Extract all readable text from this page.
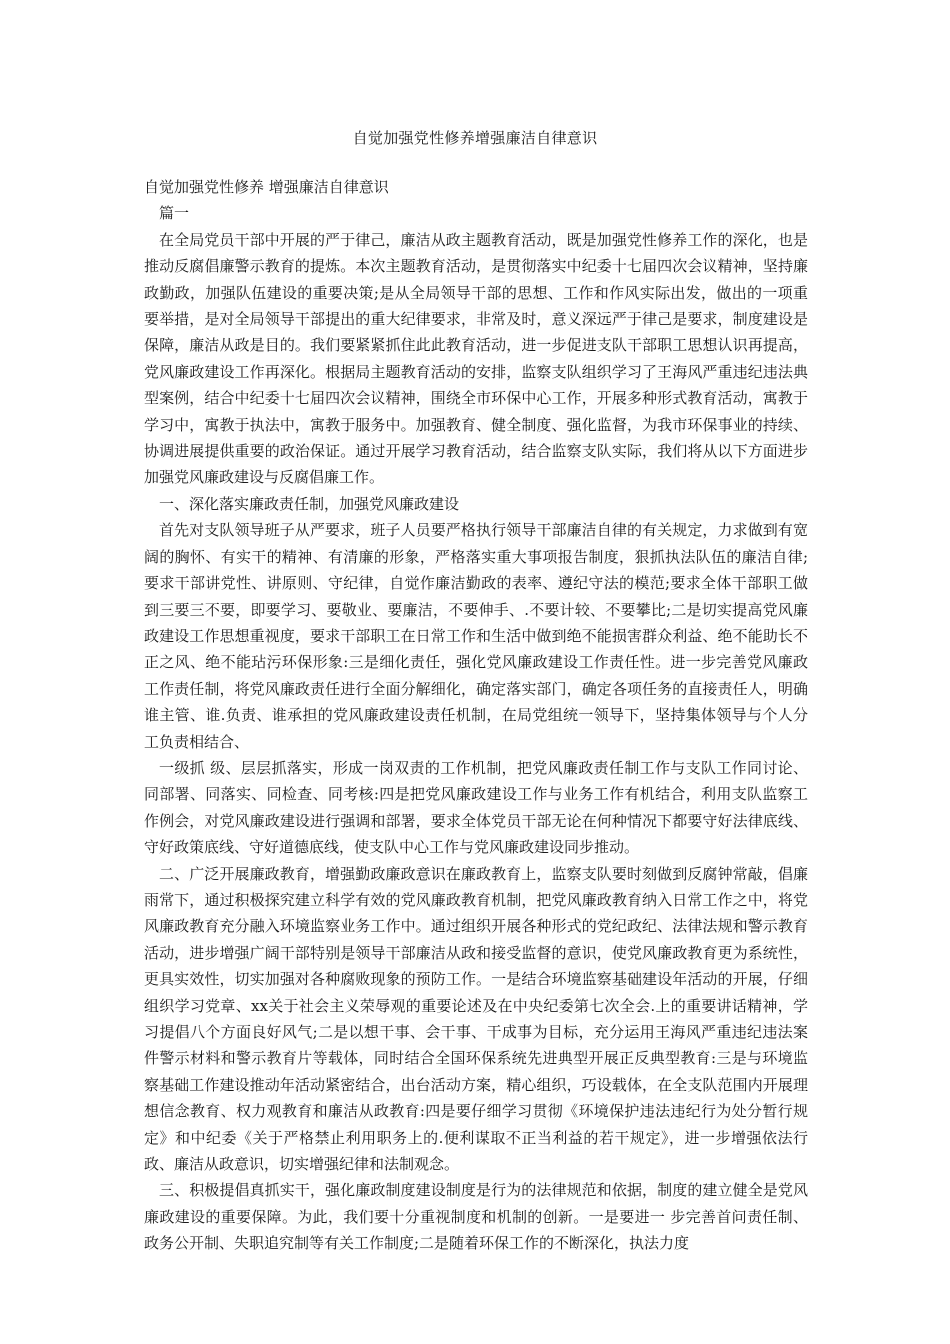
自觉加强党性修养增强廉洁自律意识

自觉加强党性修养 增强廉洁自律意识

篇一

在全局党员干部中开展的严于律己，廉洁从政主题教育活动，既是加强党性修养工作的深化，也是推动反腐倡廉警示教育的提炼。本次主题教育活动，是贯彻落实中纪委十七届四次会议精神，坚持廉政勤政，加强队伍建设的重要决策;是从全局领导干部的思想、工作和作风实际出发，做出的一项重要举措，是对全局领导干部提出的重大纪律要求，非常及时，意义深远严于律己是要求，制度建设是保障，廉洁从政是目的。我们要紧紧抓住此此教育活动，进一步促进支队干部职工思想认识再提高，党风廉政建设工作再深化。根据局主题教育活动的安排，监察支队组织学习了王海风严重违纪违法典型案例，结合中纪委十七届四次会议精神，围绕全市环保中心工作，开展多种形式教育活动，寓教于学习中，寓教于执法中，寓教于服务中。加强教育、健全制度、强化监督，为我市环保事业的持续、协调进展提供重要的政治保证。通过开展学习教育活动，结合监察支队实际，我们将从以下方面进步加强党风廉政建设与反腐倡廉工作。

一、深化落实廉政责任制，加强党风廉政建设

首先对支队领导班子从严要求，班子人员要严格执行领导干部廉洁自律的有关规定，力求做到有宽阔的胸怀、有实干的精神、有清廉的形象，严格落实重大事项报告制度，狠抓执法队伍的廉洁自律;要求干部讲党性、讲原则、守纪律，自觉作廉洁勤政的表率、遵纪守法的模范;要求全体干部职工做到三要三不要，即要学习、要敬业、要廉洁，不要伸手、.不要计较、不要攀比;二是切实提高党风廉政建设工作思想重视度，要求干部职工在日常工作和生活中做到绝不能损害群众利益、绝不能助长不正之风、绝不能玷污环保形象:三是细化责任，强化党风廉政建设工作责任性。进一步完善党风廉政工作责任制，将党风廉政责任进行全面分解细化，确定落实部门，确定各项任务的直接责任人，明确谁主管、谁.负责、谁承担的党风廉政建设责任机制，在局党组统一领导下，坚持集体领导与个人分工负责相结合、

一级抓 级、层层抓落实，形成一岗双责的工作机制，把党风廉政责任制工作与支队工作同讨论、同部署、同落实、同检查、同考核:四是把党风廉政建设工作与业务工作有机结合，利用支队监察工作例会，对党风廉政建设进行强调和部署，要求全体党员干部无论在何种情况下都要守好法律底线、守好政策底线、守好道德底线，使支队中心工作与党风廉政建设同步推动。

二、广泛开展廉政教育，增强勤政廉政意识在廉政教育上，监察支队要时刻做到反腐钟常敲，倡廉雨常下，通过积极探究建立科学有效的党风廉政教育机制，把党风廉政教育纳入日常工作之中，将党风廉政教育充分融入环境监察业务工作中。通过组织开展各种形式的党纪政纪、法律法规和警示教育活动，进步增强广阔干部特别是领导干部廉洁从政和接受监督的意识，使党风廉政教育更为系统性，更具实效性，切实加强对各种腐败现象的预防工作。一是结合环境监察基础建设年活动的开展，仔细组织学习党章、xx关于社会主义荣辱观的重要论述及在中央纪委第七次全会.上的重要讲话精神，学习提倡八个方面良好风气;二是以想干事、会干事、干成事为目标，充分运用王海风严重违纪违法案件警示材料和警示教育片等载体，同时结合全国环保系统先进典型开展正反典型教育:三是与环境监察基础工作建设推动年活动紧密结合，出台活动方案，精心组织，巧设载体，在全支队范围内开展理想信念教育、权力观教育和廉洁从政教育:四是要仔细学习贯彻《环境保护违法违纪行为处分暂行规定》和中纪委《关于严格禁止利用职务上的.便利谋取不正当利益的若干规定》，进一步增强依法行政、廉洁从政意识，切实增强纪律和法制观念。

三、积极提倡真抓实干，强化廉政制度建设制度是行为的法律规范和依据，制度的建立健全是党风廉政建设的重要保障。为此，我们要十分重视制度和机制的创新。一是要进一 步完善首问责任制、政务公开制、失职追究制等有关工作制度;二是随着环保工作的不断深化，执法力度
